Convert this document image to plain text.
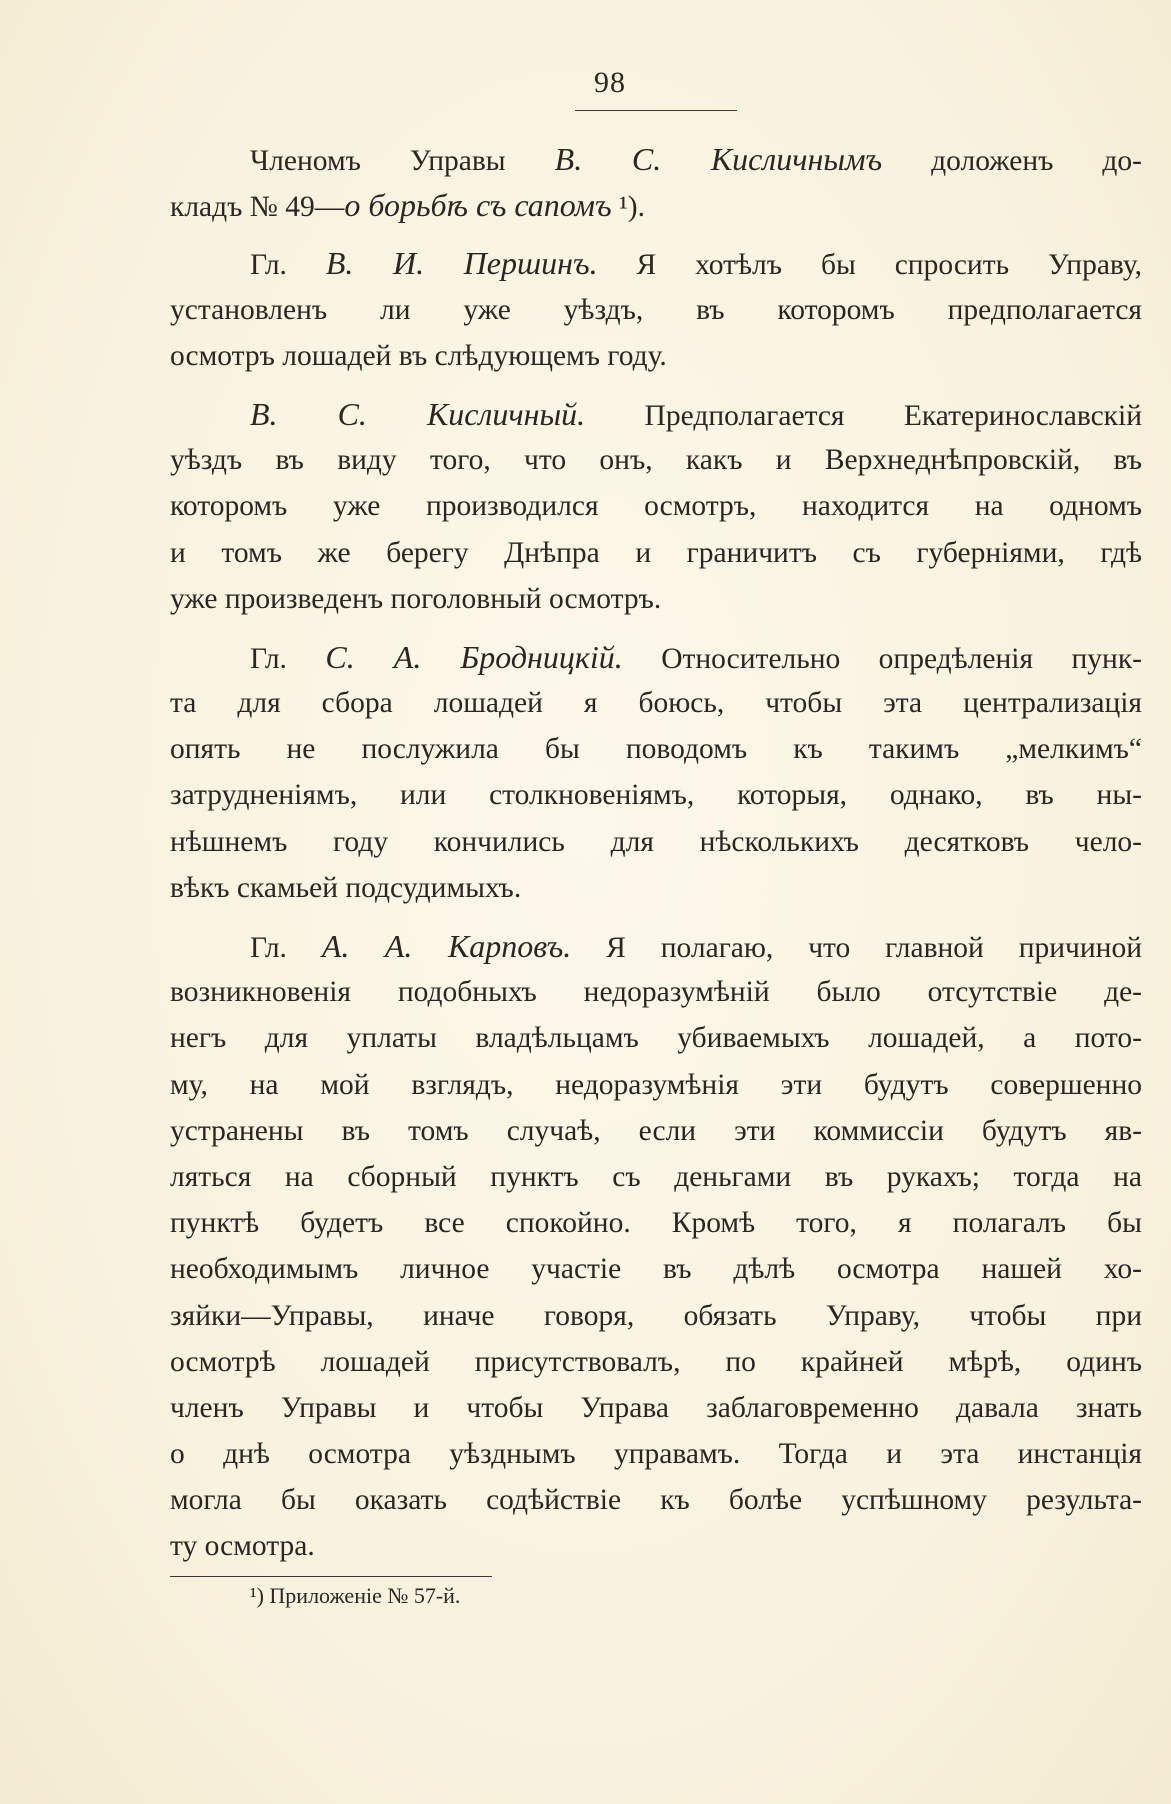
98
Членомъ Управы В. С. Кисличнымъ доложенъ до-
кладъ № 49—о борьбѣ съ сапомъ ¹).
Гл. В. И. Першинъ. Я хотѣлъ бы спросить Управу,
установленъ ли уже уѣздъ, въ которомъ предполагается
осмотръ лошадей въ слѣдующемъ году.
В. С. Кисличный. Предполагается Екатеринославскій
уѣздъ въ виду того, что онъ, какъ и Верхнеднѣпровскій, въ
которомъ уже производился осмотръ, находится на одномъ
и томъ же берегу Днѣпра и граничитъ съ губерніями, гдѣ
уже произведенъ поголовный осмотръ.
Гл. С. А. Бродницкій. Относительно опредѣленія пунк-
та для сбора лошадей я боюсь, чтобы эта централизація
опять не послужила бы поводомъ къ такимъ „мелкимъ“
затрудненіямъ, или столкновеніямъ, которыя, однако, въ ны-
нѣшнемъ году кончились для нѣсколькихъ десятковъ чело-
вѣкъ скамьей подсудимыхъ.
Гл. А. А. Карповъ. Я полагаю, что главной причиной
возникновенія подобныхъ недоразумѣній было отсутствіе де-
негъ для уплаты владѣльцамъ убиваемыхъ лошадей, а пото-
му, на мой взглядъ, недоразумѣнія эти будутъ совершенно
устранены въ томъ случаѣ, если эти коммиссіи будутъ яв-
ляться на сборный пунктъ съ деньгами въ рукахъ; тогда на
пунктѣ будетъ все спокойно. Кромѣ того, я полагалъ бы
необходимымъ личное участіе въ дѣлѣ осмотра нашей хо-
зяйки—Управы, иначе говоря, обязать Управу, чтобы при
осмотрѣ лошадей присутствовалъ, по крайней мѣрѣ, одинъ
членъ Управы и чтобы Управа заблаговременно давала знать
о днѣ осмотра уѣзднымъ управамъ. Тогда и эта инстанція
могла бы оказать содѣйствіе къ болѣе успѣшному результа-
ту осмотра.
¹) Приложеніе № 57-й.
